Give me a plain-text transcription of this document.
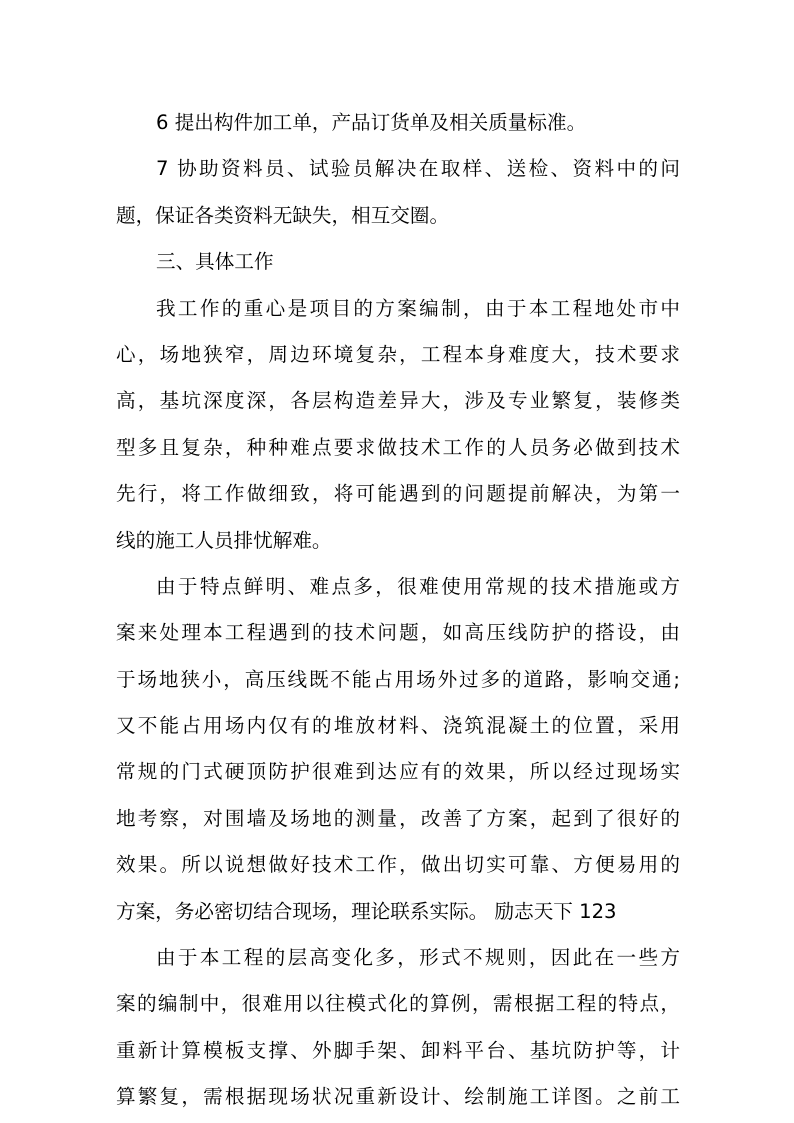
6 提出构件加工单，产品订货单及相关质量标准。
7 协助资料员、试验员解决在取样、送检、资料中的问
题，保证各类资料无缺失，相互交圈。
三、具体工作
我工作的重心是项目的方案编制，由于本工程地处市中
心，场地狭窄，周边环境复杂，工程本身难度大，技术要求
高，基坑深度深，各层构造差异大，涉及专业繁复，装修类
型多且复杂，种种难点要求做技术工作的人员务必做到技术
先行，将工作做细致，将可能遇到的问题提前解决，为第一
线的施工人员排忧解难。
由于特点鲜明、难点多，很难使用常规的技术措施或方
案来处理本工程遇到的技术问题，如高压线防护的搭设，由
于场地狭小，高压线既不能占用场外过多的道路，影响交通;
又不能占用场内仅有的堆放材料、浇筑混凝土的位置，采用
常规的门式硬顶防护很难到达应有的效果，所以经过现场实
地考察，对围墙及场地的测量，改善了方案，起到了很好的
效果。所以说想做好技术工作，做出切实可靠、方便易用的
方案，务必密切结合现场，理论联系实际。 励志天下 123
由于本工程的层高变化多，形式不规则，因此在一些方
案的编制中，很难用以往模式化的算例，需根据工程的特点，
重新计算模板支撑、外脚手架、卸料平台、基坑防护等，计
算繁复，需根据现场状况重新设计、绘制施工详图。之前工
